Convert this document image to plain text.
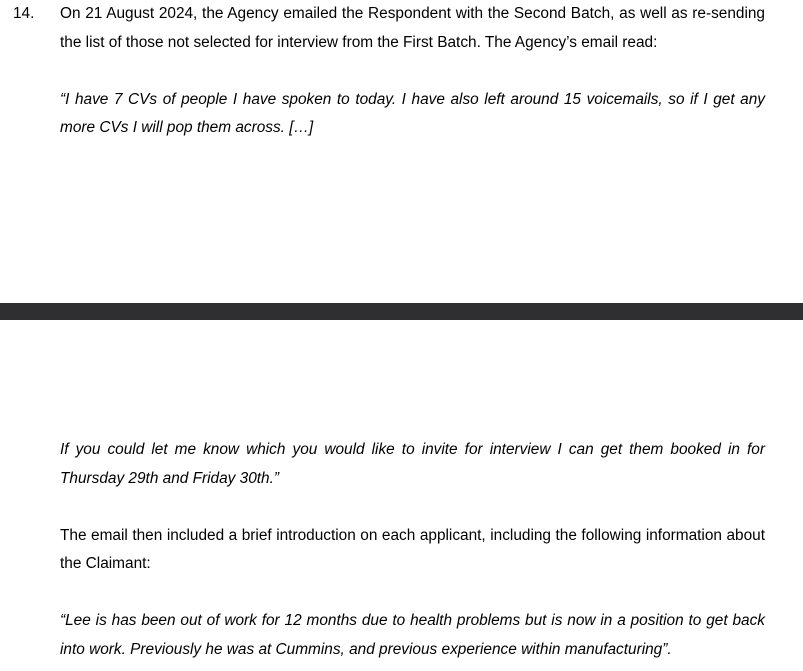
14. On 21 August 2024, the Agency emailed the Respondent with the Second Batch, as well as re-sending the list of those not selected for interview from the First Batch. The Agency’s email read:

“I have 7 CVs of people I have spoken to today. I have also left around 15 voicemails, so if I get any more CVs I will pop them across. […]

If you could let me know which you would like to invite for interview I can get them booked in for Thursday 29th and Friday 30th.”

The email then included a brief introduction on each applicant, including the following information about the Claimant:

“Lee is has been out of work for 12 months due to health problems but is now in a position to get back into work. Previously he was at Cummins, and previous experience within manufacturing”.
